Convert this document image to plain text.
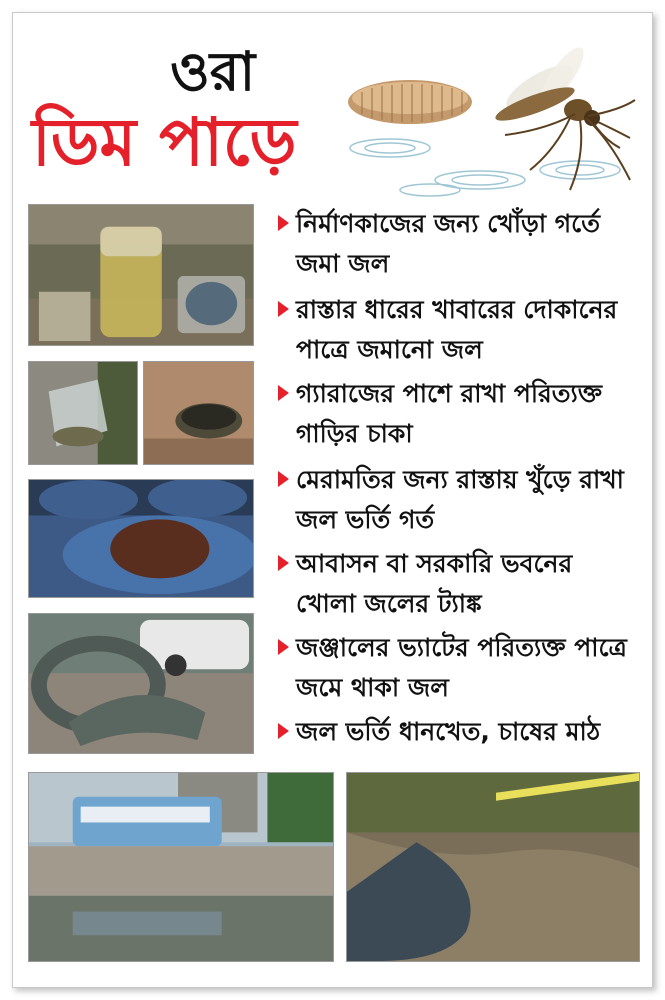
ওরা
ডিম পাড়ে
নির্মাণকাজের জন্য খোঁড়া গর্তে জমা জল
রাস্তার ধারের খাবারের দোকানের পাত্রে জমানো জল
গ্যারাজের পাশে রাখা পরিত্যক্ত গাড়ির চাকা
মেরামতির জন্য রাস্তায় খুঁড়ে রাখা জল ভর্তি গর্ত
আবাসন বা সরকারি ভবনের খোলা জলের ট্যাঙ্ক
জঞ্জালের ভ্যাটের পরিত্যক্ত পাত্রে জমে থাকা জল
জল ভর্তি ধানখেত, চাষের মাঠ
